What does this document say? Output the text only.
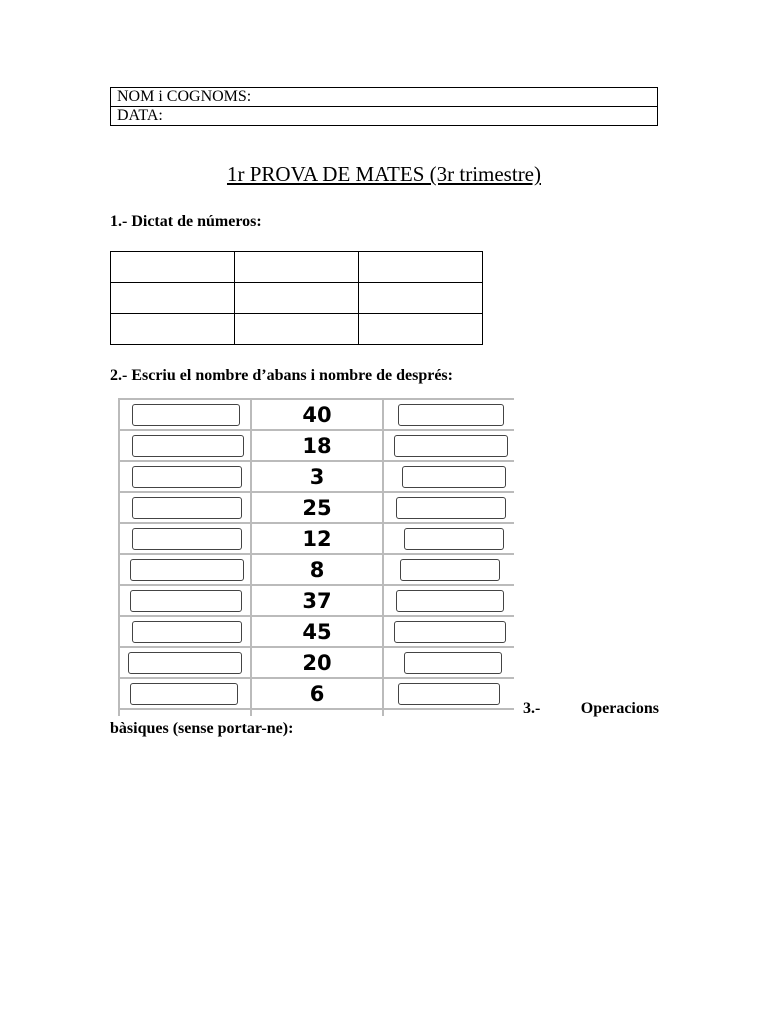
NOM i COGNOMS:
DATA:
1r PROVA DE MATES (3r trimestre)
1.- Dictat de números:

2.- Escriu el nombre d’abans i nombre de després:
40
18
3
25
12
8
37
45
20
6
3.-	Operacions
bàsiques (sense portar-ne):
